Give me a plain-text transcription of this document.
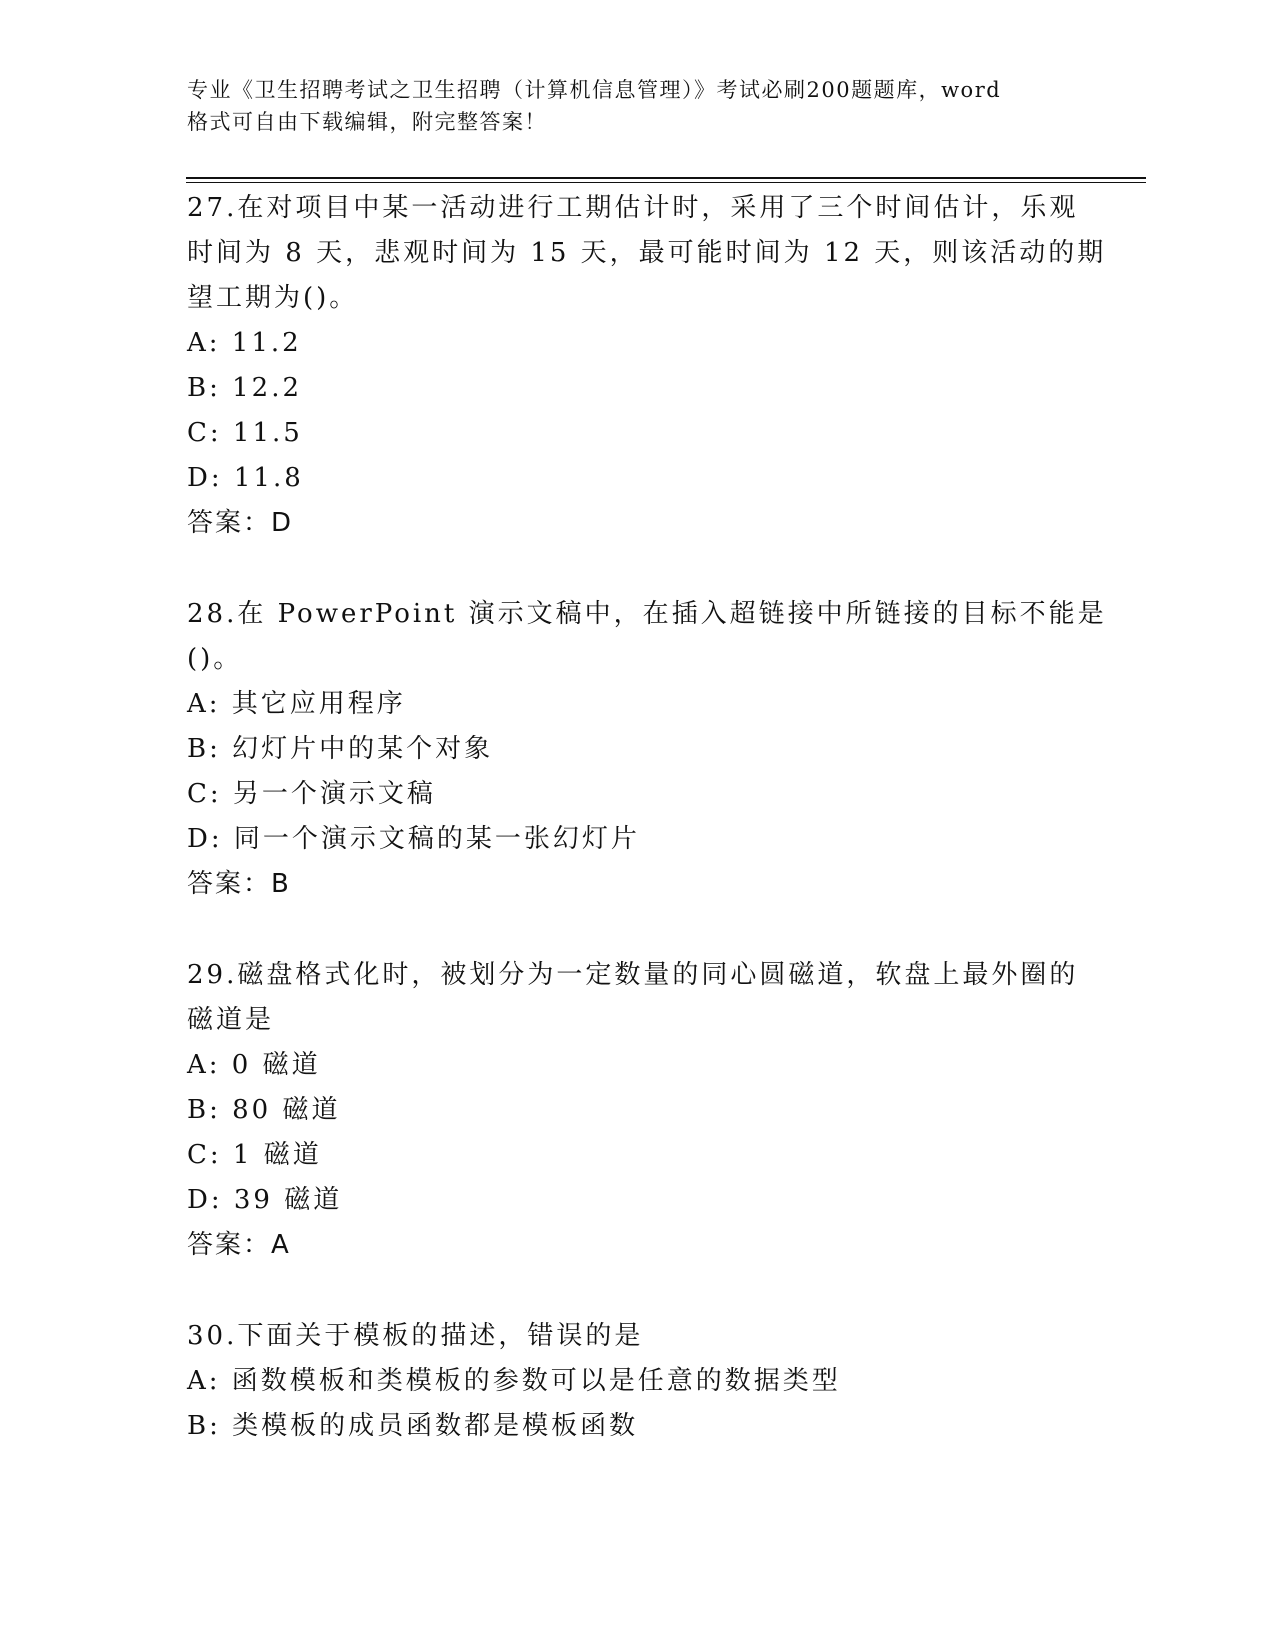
专业《卫生招聘考试之卫生招聘（计算机信息管理）》考试必刷200题题库，word
格式可自由下载编辑，附完整答案！
27.在对项目中某一活动进行工期估计时，采用了三个时间估计，乐观
时间为 8 天，悲观时间为 15 天，最可能时间为 12 天，则该活动的期
望工期为()。
A: 11.2
B: 12.2
C: 11.5
D: 11.8
答案：D
28.在 PowerPoint 演示文稿中，在插入超链接中所链接的目标不能是
()。
A: 其它应用程序
B: 幻灯片中的某个对象
C: 另一个演示文稿
D: 同一个演示文稿的某一张幻灯片
答案：B
29.磁盘格式化时，被划分为一定数量的同心圆磁道，软盘上最外圈的
磁道是
A: 0 磁道
B: 80 磁道
C: 1 磁道
D: 39 磁道
答案：A
30.下面关于模板的描述，错误的是
A: 函数模板和类模板的参数可以是任意的数据类型
B: 类模板的成员函数都是模板函数
